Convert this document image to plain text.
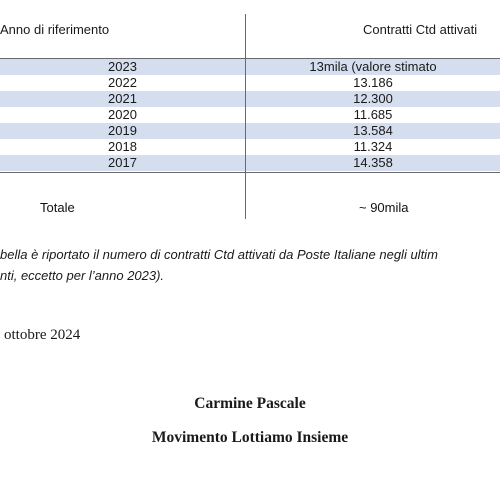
Anno di riferimento	Contratti Ctd attivati
2023	13mila (valore stimato
2022	13.186
2021	12.300
2020	11.685
2019	13.584
2018	11.324
2017	14.358
Totale	~ 90mila
bella è riportato il numero di contratti Ctd attivati da Poste Italiane negli ultim
nti, eccetto per l’anno 2023).
ottobre 2024
Carmine Pascale
Movimento Lottiamo Insieme
